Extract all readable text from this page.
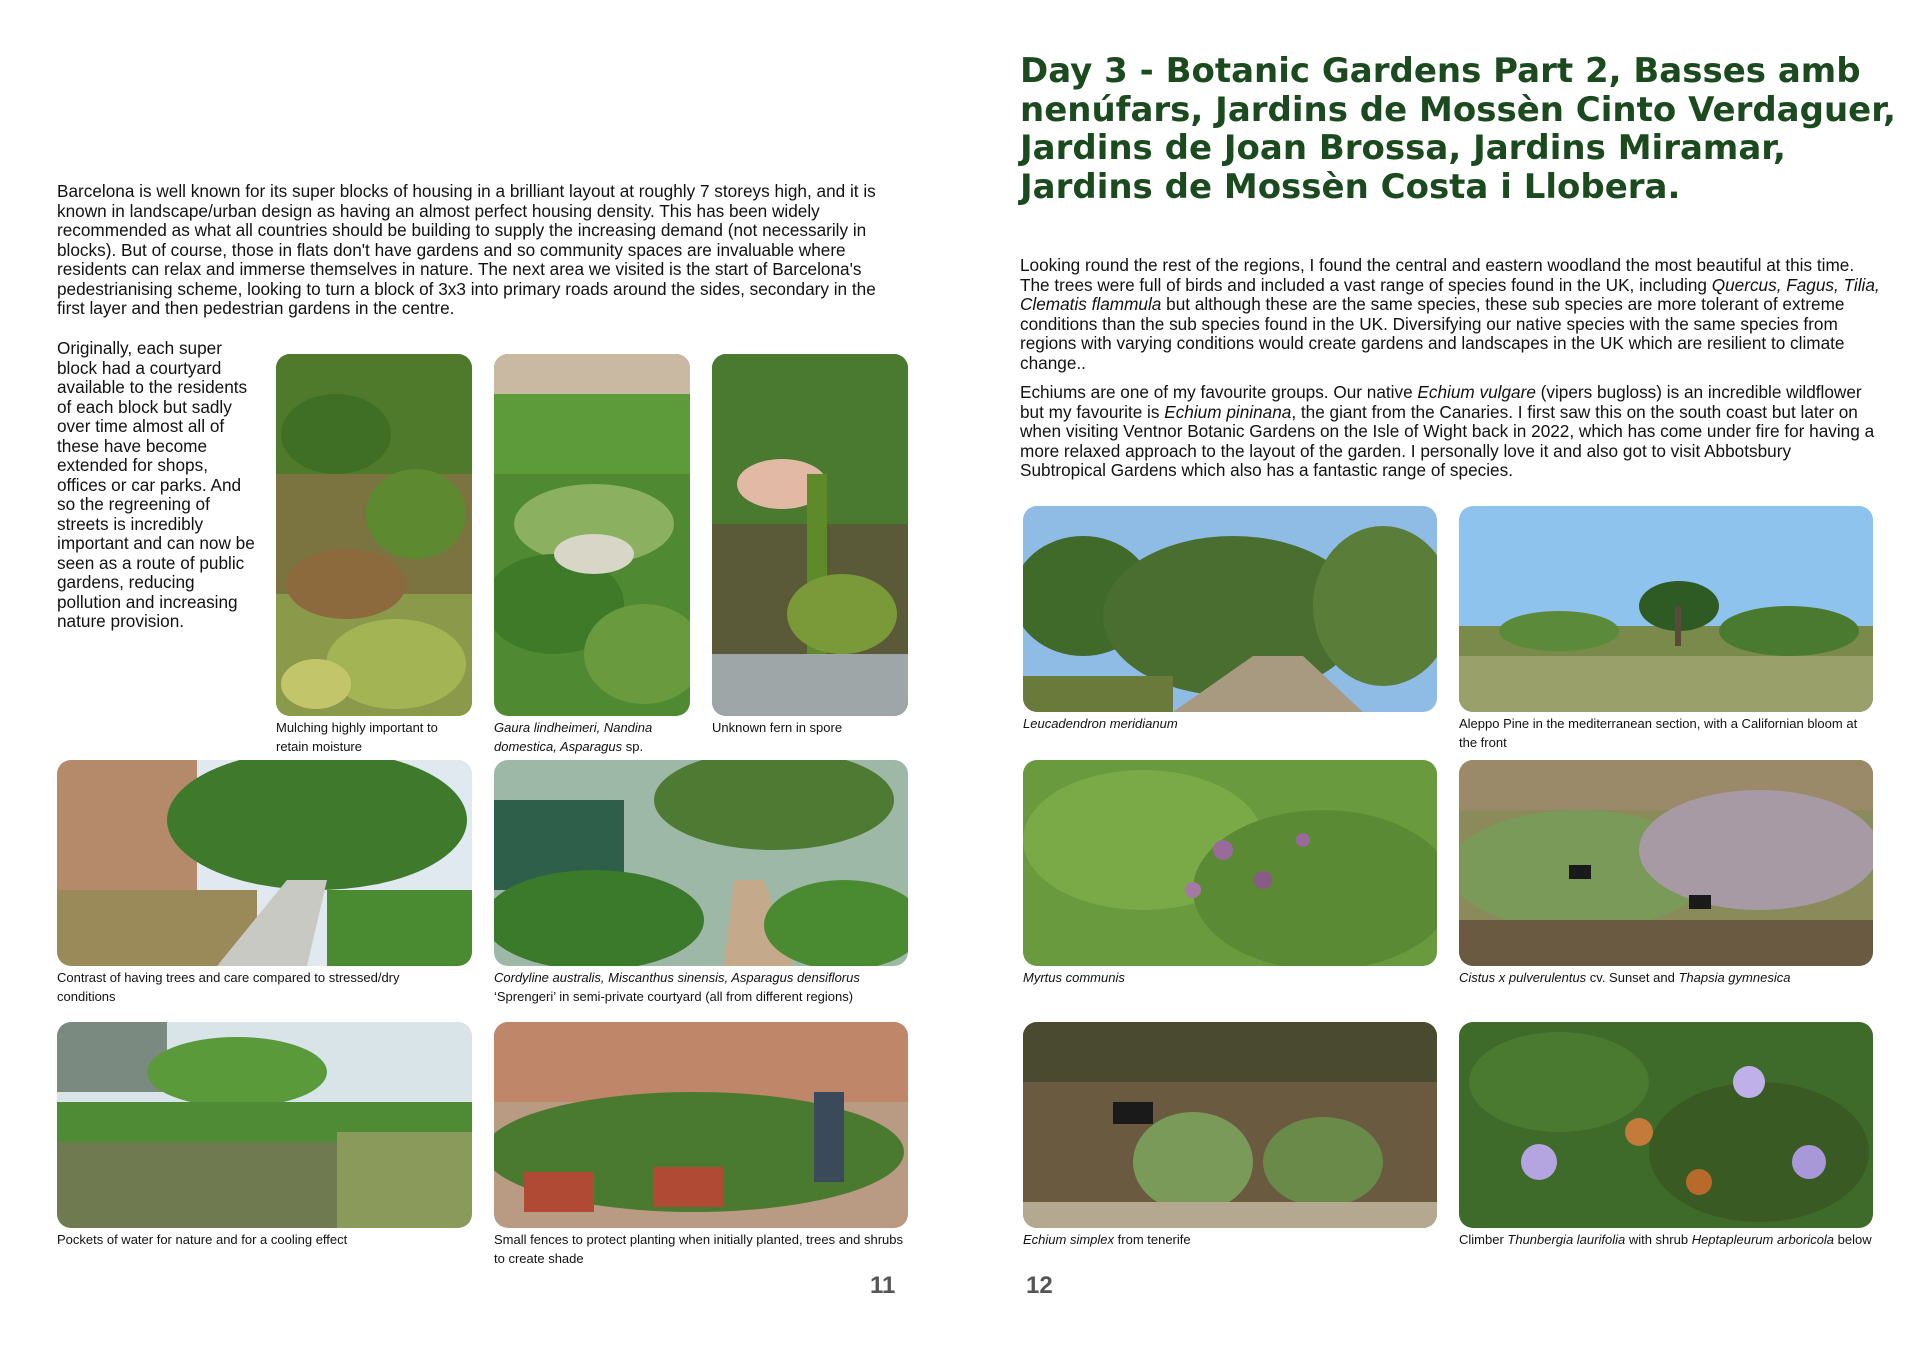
Barcelona is well known for its super blocks of housing in a brilliant layout at roughly 7 storeys high, and it is known in landscape/urban design as having an almost perfect housing density. This has been widely recommended as what all countries should be building to supply the increasing demand (not necessarily in blocks). But of course, those in flats don't have gardens and so community spaces are invaluable where residents can relax and immerse themselves in nature. The next area we visited is the start of Barcelona's pedestrianising scheme, looking to turn a block of 3x3 into primary roads around the sides, secondary in the first layer and then pedestrian gardens in the centre.

Originally, each super block had a courtyard available to the residents of each block but sadly over time almost all of these have become extended for shops, offices or car parks. And so the regreening of streets is incredibly important and can now be seen as a route of public gardens, reducing pollution and increasing nature provision.

Mulching highly important to retain moisture

Gaura lindheimeri, Nandina domestica, Asparagus sp.

Unknown fern in spore

Contrast of having trees and care compared to stressed/dry conditions

Cordyline australis, Miscanthus sinensis, Asparagus densiflorus ‘Sprengeri’ in semi-private courtyard (all from different regions)

Pockets of water for nature and for a cooling effect	Small fences to protect planting when initially planted, trees and shrubs to create shade

11
Day 3 - Botanic Gardens Part 2, Basses amb nenúfars, Jardins de Mossèn Cinto Verdaguer, Jardins de Joan Brossa, Jardins Miramar, Jardins de Mossèn Costa i Llobera.

Looking round the rest of the regions, I found the central and eastern woodland the most beautiful at this time. The trees were full of birds and included a vast range of species found in the UK, including Quercus, Fagus, Tilia, Clematis flammula but although these are the same species, these sub species are more tolerant of extreme conditions than the sub species found in the UK. Diversifying our native species with the same species from regions with varying conditions would create gardens and landscapes in the UK which are resilient to climate change..

Echiums are one of my favourite groups. Our native Echium vulgare (vipers bugloss) is an incredible wildflower but my favourite is Echium pininana, the giant from the Canaries. I first saw this on the south coast but later on when visiting Ventnor Botanic Gardens on the Isle of Wight back in 2022, which has come under fire for having a more relaxed approach to the layout of the garden. I personally love it and also got to visit Abbotsbury Subtropical Gardens which also has a fantastic range of species.

Leucadendron meridianum	Aleppo Pine in the mediterranean section, with a Californian bloom at the front

Myrtus communis	Cistus x pulverulentus cv. Sunset and Thapsia gymnesica

Echium simplex from tenerife	Climber Thunbergia laurifolia with shrub Heptapleurum arboricola below

12
